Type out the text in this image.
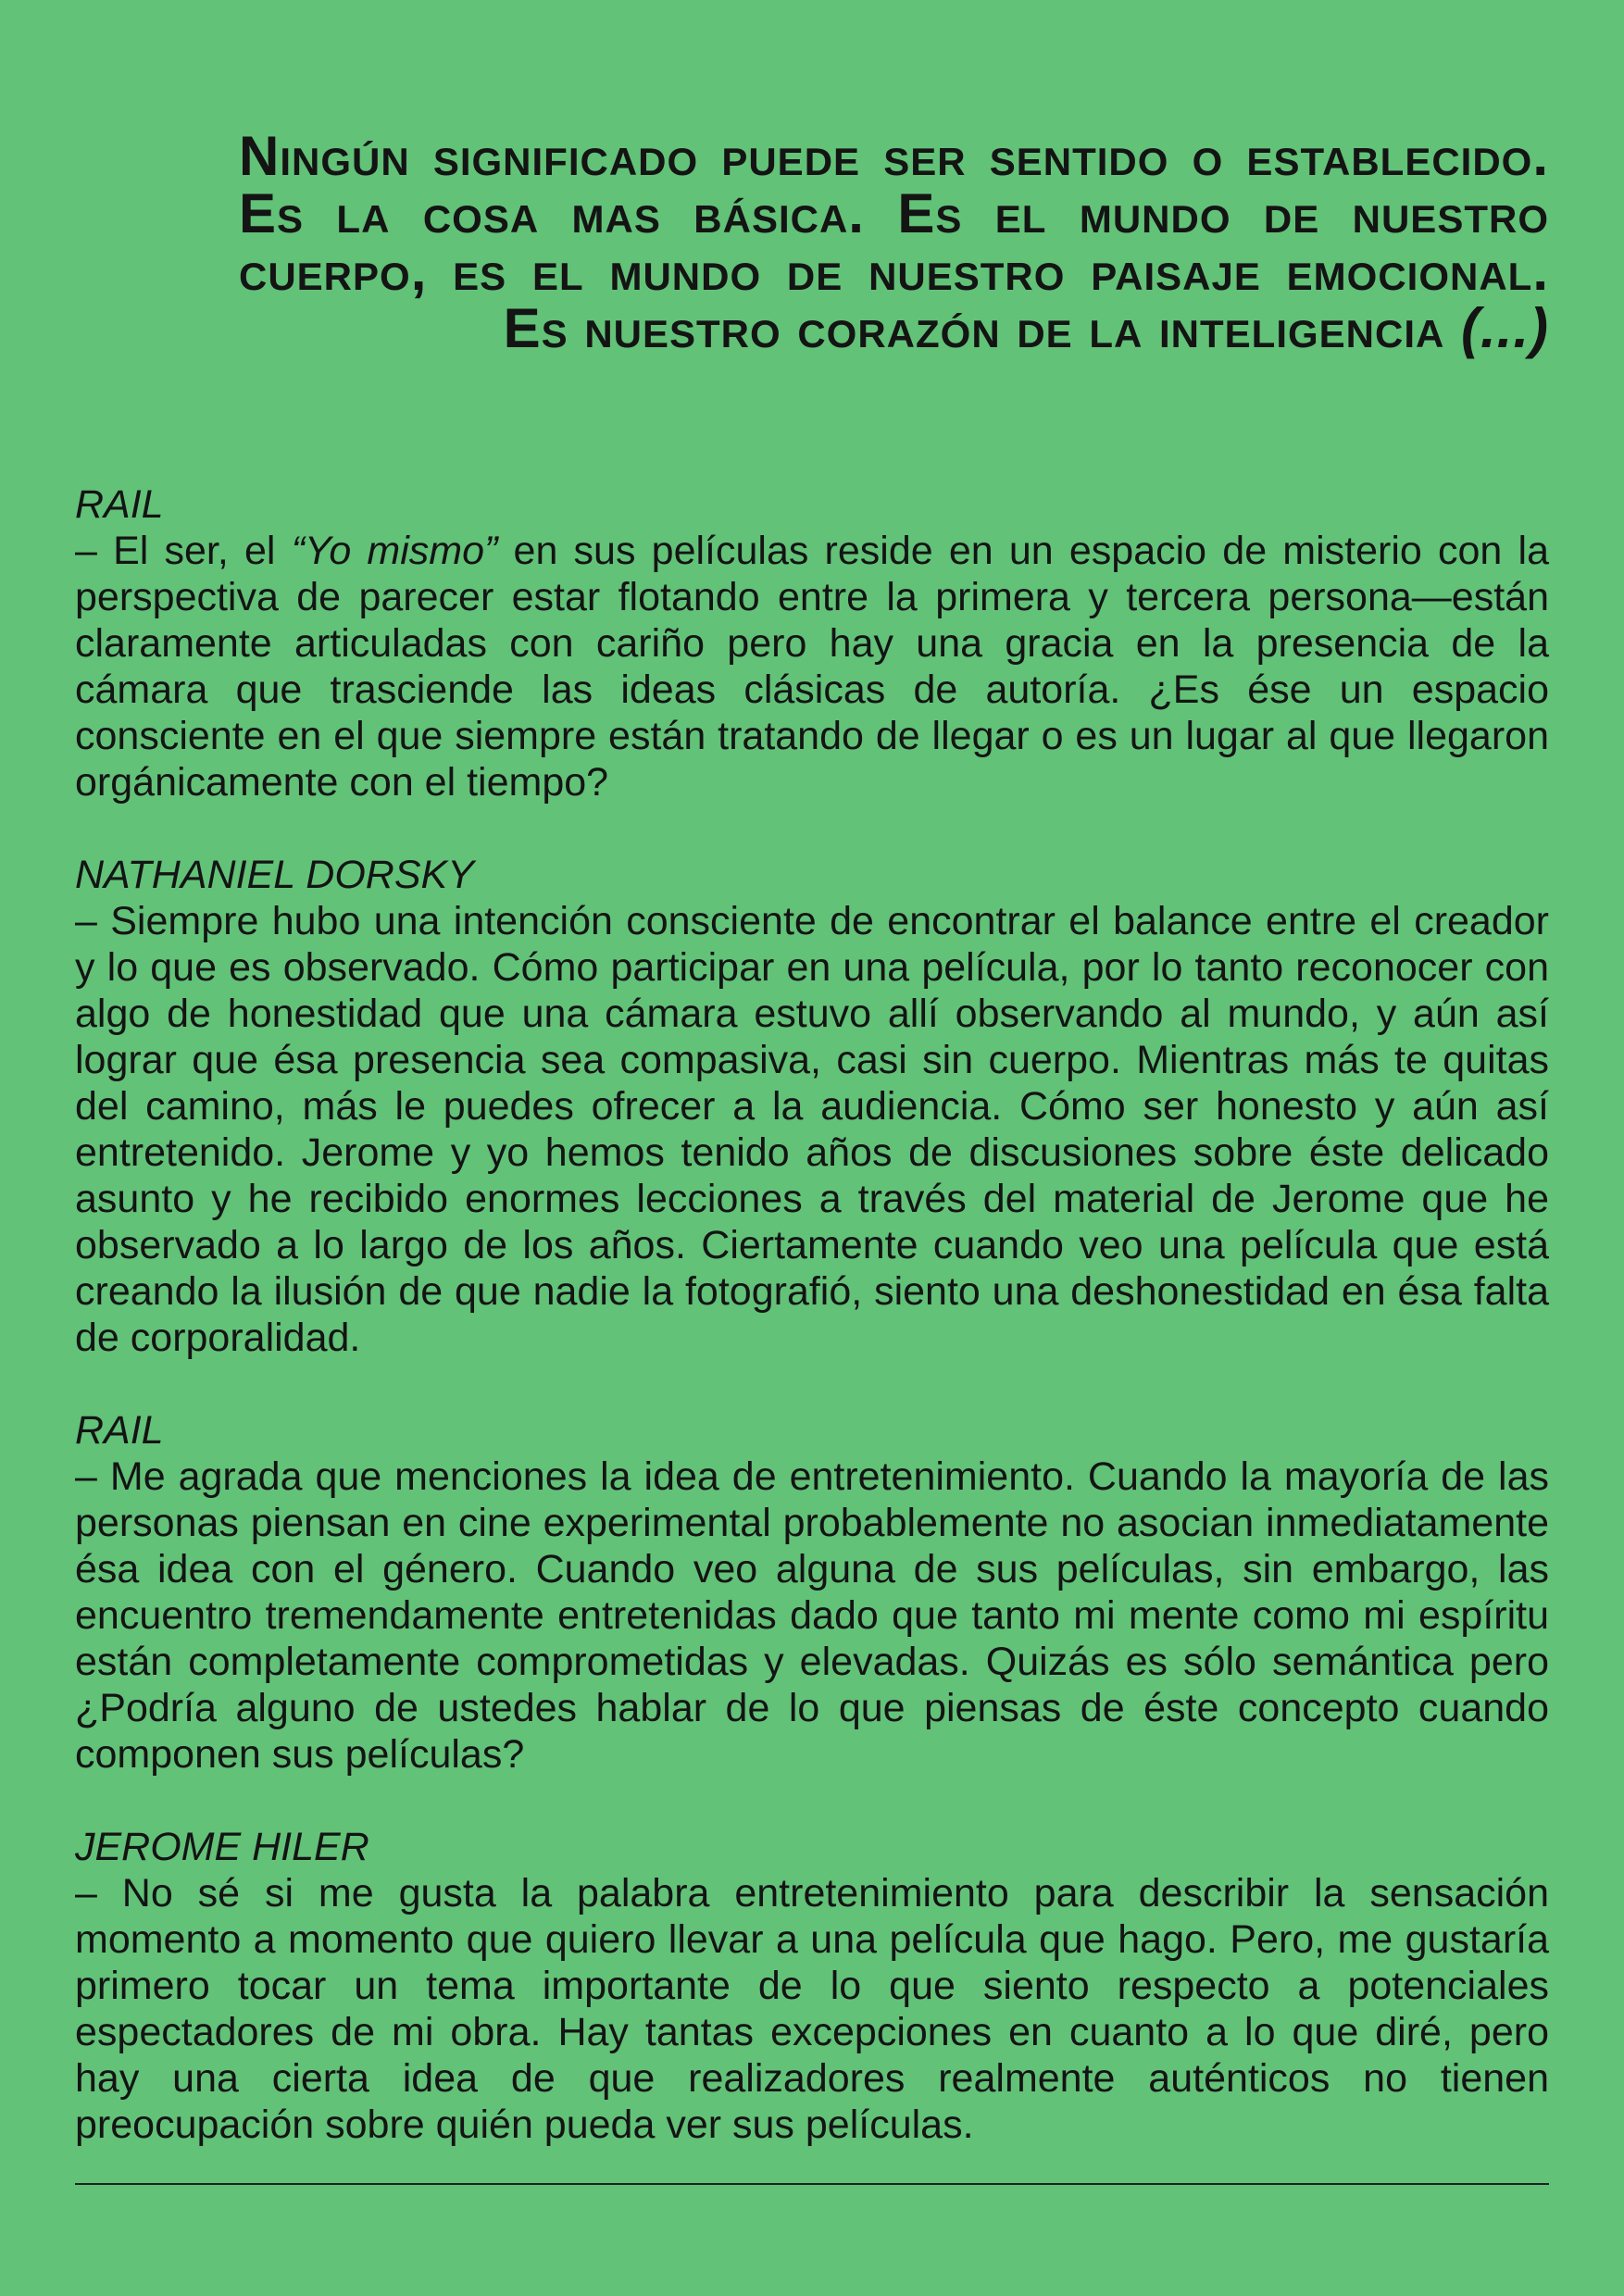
Ningún significado puede ser sentido o establecido. Es la cosa mas básica. Es el mundo de nuestro cuerpo, es el mundo de nuestro paisaje emocional. Es nuestro corazón de la inteligencia (...)

RAIL

– El ser, el “Yo mismo” en sus películas reside en un espacio de misterio con la perspectiva de parecer estar flotando entre la primera y tercera persona—están claramente articuladas con cariño pero hay una gracia en la presencia de la cámara que trasciende las ideas clásicas de autoría. ¿Es ése un espacio consciente en el que siempre están tratando de llegar o es un lugar al que llegaron orgánicamente con el tiempo?

NATHANIEL DORSKY

– Siempre hubo una intención consciente de encontrar el balance entre el creador y lo que es observado. Cómo participar en una película, por lo tanto reconocer con algo de honestidad que una cámara estuvo allí observando al mundo, y aún así lograr que ésa presencia sea compasiva, casi sin cuerpo. Mientras más te quitas del camino, más le puedes ofrecer a la audiencia. Cómo ser honesto y aún así entretenido. Jerome y yo hemos tenido años de discusiones sobre éste delicado asunto y he recibido enormes lecciones a través del material de Jerome que he observado a lo largo de los años. Ciertamente cuando veo una película que está creando la ilusión de que nadie la fotografió, siento una deshonestidad en ésa falta de corporalidad.

RAIL

– Me agrada que menciones la idea de entretenimiento. Cuando la mayoría de las personas piensan en cine experimental probablemente no asocian inmediatamente ésa idea con el género. Cuando veo alguna de sus películas, sin embargo, las encuentro tremendamente entretenidas dado que tanto mi mente como mi espíritu están completamente comprometidas y elevadas. Quizás es sólo semántica pero ¿Podría alguno de ustedes hablar de lo que piensas de éste concepto cuando componen sus películas?

JEROME HILER

– No sé si me gusta la palabra entretenimiento para describir la sensación momento a momento que quiero llevar a una película que hago. Pero, me gustaría primero tocar un tema importante de lo que siento respecto a potenciales espectadores de mi obra. Hay tantas excepciones en cuanto a lo que diré, pero hay una cierta idea de que realizadores realmente auténticos no tienen preocupación sobre quién pueda ver sus películas.
